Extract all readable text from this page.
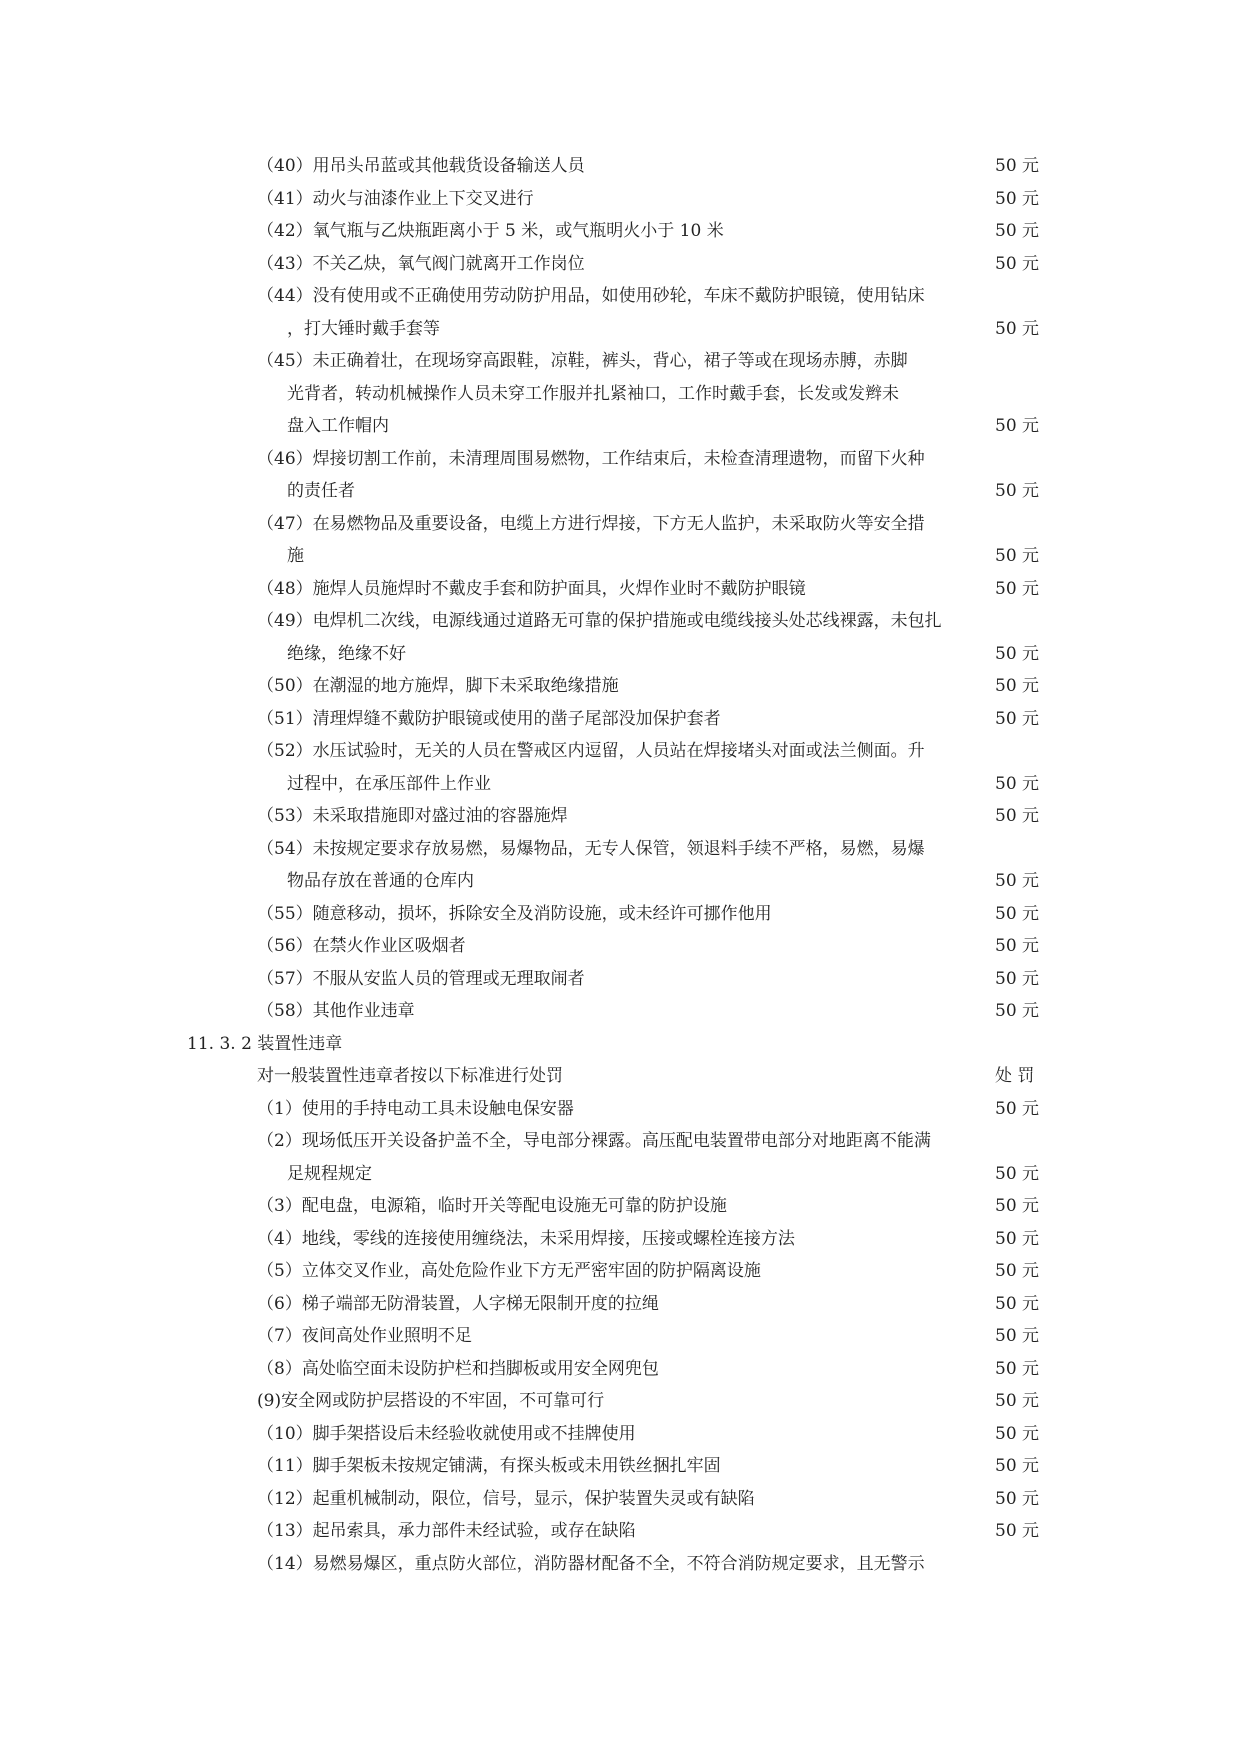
（40）用吊头吊蓝或其他载货设备输送人员	50 元
（41）动火与油漆作业上下交叉进行	50 元
（42）氧气瓶与乙炔瓶距离小于 5 米，或气瓶明火小于 10 米	50 元
（43）不关乙炔，氧气阀门就离开工作岗位	50 元
（44）没有使用或不正确使用劳动防护用品，如使用砂轮，车床不戴防护眼镜，使用钻床
，打大锤时戴手套等	50 元
（45）未正确着壮，在现场穿高跟鞋，凉鞋，裤头，背心，裙子等或在现场赤膊，赤脚
光背者，转动机械操作人员未穿工作服并扎紧袖口，工作时戴手套，长发或发辫未
盘入工作帽内	50 元
（46）焊接切割工作前，未清理周围易燃物，工作结束后，未检查清理遗物，而留下火种
的责任者	50 元
（47）在易燃物品及重要设备，电缆上方进行焊接，下方无人监护，未采取防火等安全措
施	50 元
（48）施焊人员施焊时不戴皮手套和防护面具，火焊作业时不戴防护眼镜	50 元
（49）电焊机二次线，电源线通过道路无可靠的保护措施或电缆线接头处芯线裸露，未包扎
绝缘，绝缘不好	50 元
（50）在潮湿的地方施焊，脚下未采取绝缘措施	50 元
（51）清理焊缝不戴防护眼镜或使用的凿子尾部没加保护套者	50 元
（52）水压试验时，无关的人员在警戒区内逗留，人员站在焊接堵头对面或法兰侧面。升
过程中，在承压部件上作业	50 元
（53）未采取措施即对盛过油的容器施焊	50 元
（54）未按规定要求存放易燃，易爆物品，无专人保管，领退料手续不严格，易燃，易爆
物品存放在普通的仓库内	50 元
（55）随意移动，损坏，拆除安全及消防设施，或未经许可挪作他用	50 元
（56）在禁火作业区吸烟者	50 元
（57）不服从安监人员的管理或无理取闹者	50 元
（58）其他作业违章	50 元
11. 3. 2 装置性违章
对一般装置性违章者按以下标准进行处罚	处 罚
（1）使用的手持电动工具未设触电保安器	50 元
（2）现场低压开关设备护盖不全，导电部分裸露。高压配电装置带电部分对地距离不能满
足规程规定	50 元
（3）配电盘，电源箱，临时开关等配电设施无可靠的防护设施	50 元
（4）地线，零线的连接使用缠绕法，未采用焊接，压接或螺栓连接方法	50 元
（5）立体交叉作业，高处危险作业下方无严密牢固的防护隔离设施	50 元
（6）梯子端部无防滑装置，人字梯无限制开度的拉绳	50 元
（7）夜间高处作业照明不足	50 元
（8）高处临空面未设防护栏和挡脚板或用安全网兜包	50 元
(9)安全网或防护层搭设的不牢固，不可靠可行	50 元
（10）脚手架搭设后未经验收就使用或不挂牌使用	50 元
（11）脚手架板未按规定铺满，有探头板或未用铁丝捆扎牢固	50 元
（12）起重机械制动，限位，信号，显示，保护装置失灵或有缺陷	50 元
（13）起吊索具，承力部件未经试验，或存在缺陷	50 元
（14）易燃易爆区，重点防火部位，消防器材配备不全，不符合消防规定要求，且无警示
